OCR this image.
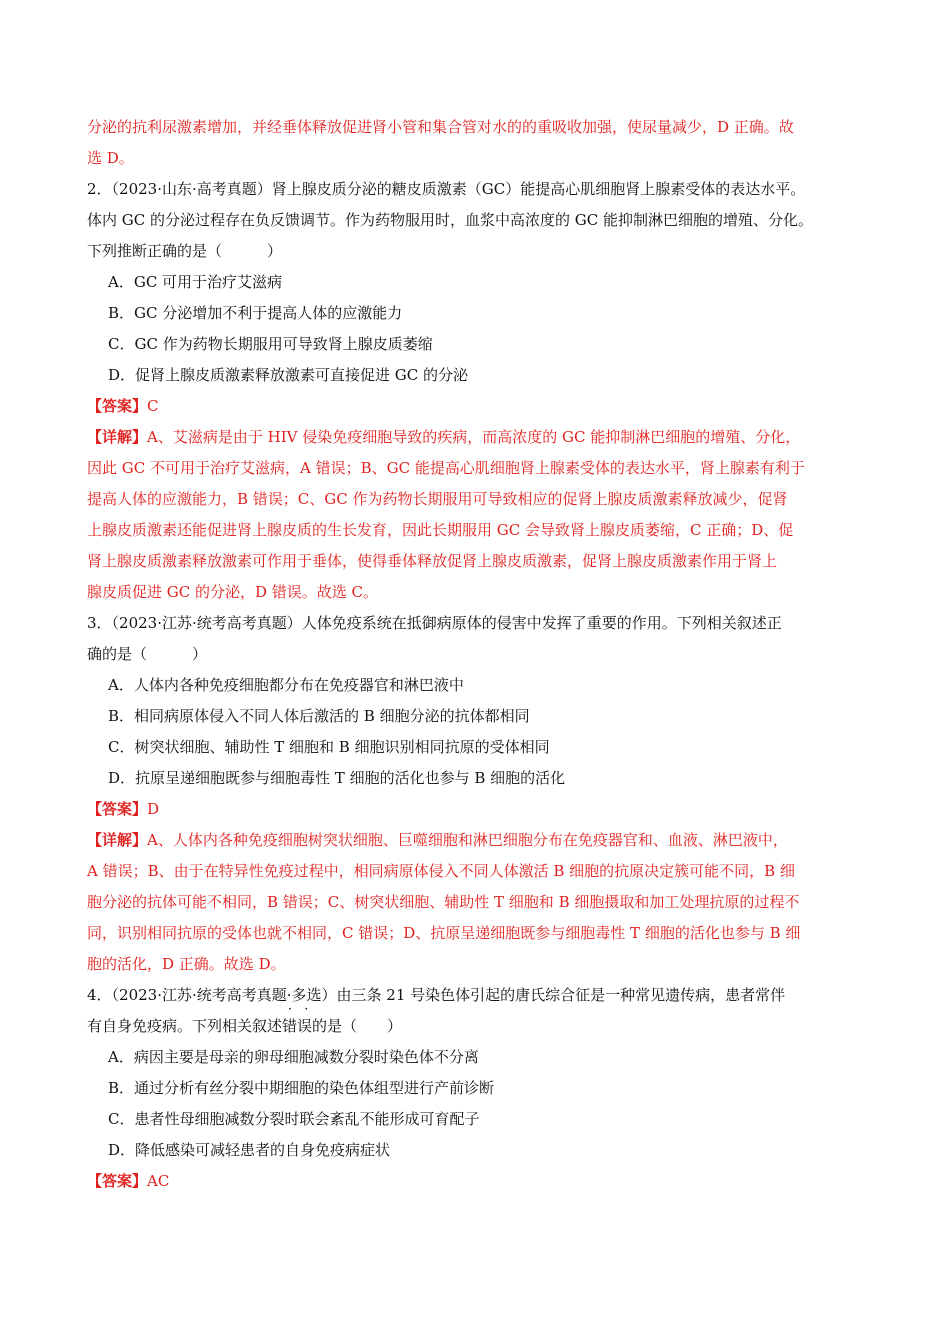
分泌的抗利尿激素增加，并经垂体释放促进肾小管和集合管对水的的重吸收加强，使尿量减少，D 正确。故
选 D。
2．（2023·山东·高考真题）肾上腺皮质分泌的糖皮质激素（GC）能提高心肌细胞肾上腺素受体的表达水平。
体内 GC 的分泌过程存在负反馈调节。作为药物服用时，血浆中高浓度的 GC 能抑制淋巴细胞的增殖、分化。
下列推断正确的是（　　　）
A．GC 可用于治疗艾滋病
B．GC 分泌增加不利于提高人体的应激能力
C．GC 作为药物长期服用可导致肾上腺皮质萎缩
D．促肾上腺皮质激素释放激素可直接促进 GC 的分泌
【答案】C
【详解】A、艾滋病是由于 HIV 侵染免疫细胞导致的疾病，而高浓度的 GC 能抑制淋巴细胞的增殖、分化，
因此 GC 不可用于治疗艾滋病，A 错误；B、GC 能提高心肌细胞肾上腺素受体的表达水平，肾上腺素有利于
提高人体的应激能力，B 错误；C、GC 作为药物长期服用可导致相应的促肾上腺皮质激素释放减少，促肾
上腺皮质激素还能促进肾上腺皮质的生长发育，因此长期服用 GC 会导致肾上腺皮质萎缩，C 正确；D、促
肾上腺皮质激素释放激素可作用于垂体，使得垂体释放促肾上腺皮质激素，促肾上腺皮质激素作用于肾上
腺皮质促进 GC 的分泌，D 错误。故选 C。
3．（2023·江苏·统考高考真题）人体免疫系统在抵御病原体的侵害中发挥了重要的作用。下列相关叙述正
确的是（　　　）
A．人体内各种免疫细胞都分布在免疫器官和淋巴液中
B．相同病原体侵入不同人体后激活的 B 细胞分泌的抗体都相同
C．树突状细胞、辅助性 T 细胞和 B 细胞识别相同抗原的受体相同
D．抗原呈递细胞既参与细胞毒性 T 细胞的活化也参与 B 细胞的活化
【答案】D
【详解】A、人体内各种免疫细胞树突状细胞、巨噬细胞和淋巴细胞分布在免疫器官和、血液、淋巴液中，
A 错误；B、由于在特异性免疫过程中，相同病原体侵入不同人体激活 B 细胞的抗原决定簇可能不同，B 细
胞分泌的抗体可能不相同，B 错误；C、树突状细胞、辅助性 T 细胞和 B 细胞摄取和加工处理抗原的过程不
同，识别相同抗原的受体也就不相同，C 错误；D、抗原呈递细胞既参与细胞毒性 T 细胞的活化也参与 B 细
胞的活化，D 正确。故选 D。
4．（2023·江苏·统考高考真题·多选）由三条 21 号染色体引起的唐氏综合征是一种常见遗传病，患者常伴
有自身免疫病。下列相关叙述· · 错误的是（　　）
A．病因主要是母亲的卵母细胞减数分裂时染色体不分离
B．通过分析有丝分裂中期细胞的染色体组型进行产前诊断
C．患者性母细胞减数分裂时联会紊乱不能形成可育配子
D．降低感染可减轻患者的自身免疫病症状
【答案】AC
